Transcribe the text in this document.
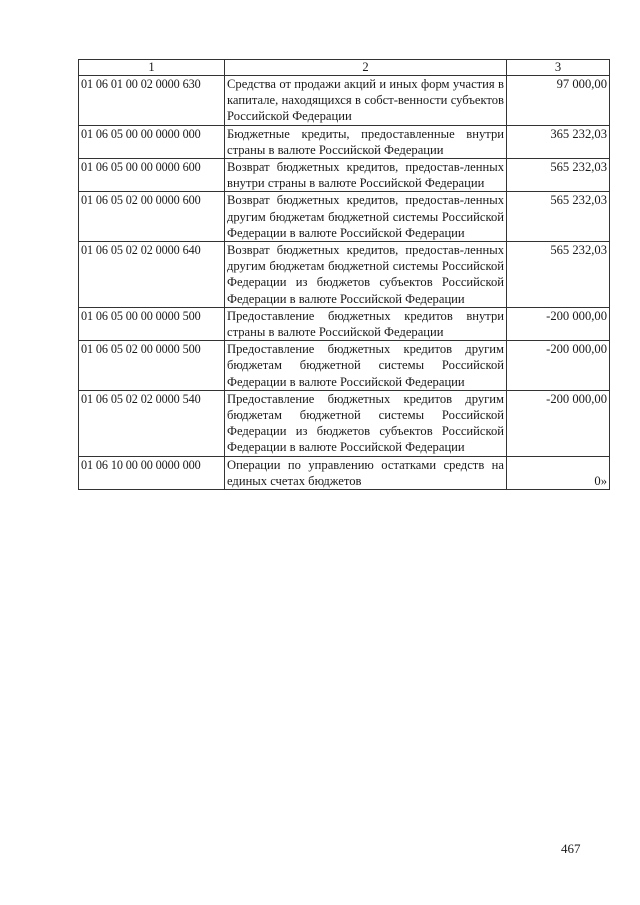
1	2	3
01 06 01 00 02 0000 630	Средства от продажи акций и иных форм участия в капитале, находящихся в собст-венности субъектов Российской Федерации	97 000,00
01 06 05 00 00 0000 000	Бюджетные кредиты, предоставленные внутри страны в валюте Российской Федерации	365 232,03
01 06 05 00 00 0000 600	Возврат бюджетных кредитов, предостав-ленных внутри страны в валюте Российской Федерации	565 232,03
01 06 05 02 00 0000 600	Возврат бюджетных кредитов, предостав-ленных другим бюджетам бюджетной системы Российской Федерации в валюте Российской Федерации	565 232,03
01 06 05 02 02 0000 640	Возврат бюджетных кредитов, предостав-ленных другим бюджетам бюджетной системы Российской Федерации из бюджетов субъектов Российской Федерации в валюте Российской Федерации	565 232,03
01 06 05 00 00 0000 500	Предоставление бюджетных кредитов внутри страны в валюте Российской Федерации	-200 000,00
01 06 05 02 00 0000 500	Предоставление бюджетных кредитов другим бюджетам бюджетной системы Российской Федерации в валюте Российской Федерации	-200 000,00
01 06 05 02 02 0000 540	Предоставление бюджетных кредитов другим бюджетам бюджетной системы Российской Федерации из бюджетов субъектов Российской Федерации в валюте Российской Федерации	-200 000,00
01 06 10 00 00 0000 000	Операции по управлению остатками средств на единых счетах бюджетов	0»
467
